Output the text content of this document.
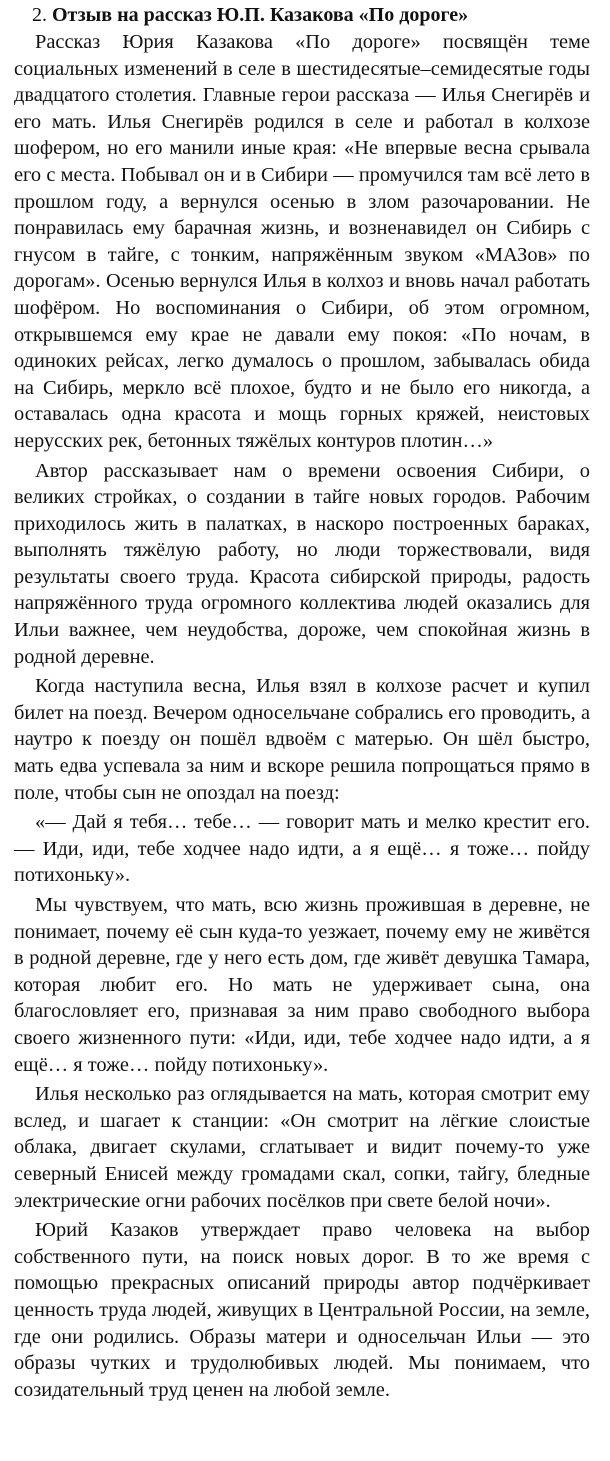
2. Отзыв на рассказ Ю.П. Казакова «По дороге»

Рассказ Юрия Казакова «По дороге» посвящён теме социальных изменений в селе в шестидесятые–семидесятые годы двадцатого столетия. Главные герои рассказа — Илья Снегирёв и его мать. Илья Снегирёв родился в селе и работал в колхозе шофером, но его манили иные края: «Не впервые весна срывала его с места. Побывал он и в Сибири — промучился там всё лето в прошлом году, а вернулся осенью в злом разочаровании. Не понравилась ему барачная жизнь, и возненавидел он Сибирь с гнусом в тайге, с тонким, напряжённым звуком «МАЗов» по дорогам». Осенью вернулся Илья в колхоз и вновь начал работать шофёром. Но воспоминания о Сибири, об этом огромном, открывшемся ему крае не давали ему покоя: «По ночам, в одиноких рейсах, легко думалось о прошлом, забывалась обида на Сибирь, меркло всё плохое, будто и не было его никогда, а оставалась одна красота и мощь горных кряжей, неистовых нерусских рек, бетонных тяжёлых контуров плотин…»

Автор рассказывает нам о времени освоения Сибири, о великих стройках, о создании в тайге новых городов. Рабочим приходилось жить в палатках, в наскоро построенных бараках, выполнять тяжёлую работу, но люди торжествовали, видя результаты своего труда. Красота сибирской природы, радость напряжённого труда огромного коллектива людей оказались для Ильи важнее, чем неудобства, дороже, чем спокойная жизнь в родной деревне.

Когда наступила весна, Илья взял в колхозе расчет и купил билет на поезд. Вечером односельчане собрались его проводить, а наутро к поезду он пошёл вдвоём с матерью. Он шёл быстро, мать едва успевала за ним и вскоре решила попрощаться прямо в поле, чтобы сын не опоздал на поезд:

«— Дай я тебя… тебе… — говорит мать и мелко крестит его. — Иди, иди, тебе ходчее надо идти, а я ещё… я тоже… пойду потихоньку».

Мы чувствуем, что мать, всю жизнь прожившая в деревне, не понимает, почему её сын куда-то уезжает, почему ему не живётся в родной деревне, где у него есть дом, где живёт девушка Тамара, которая любит его. Но мать не удерживает сына, она благословляет его, признавая за ним право свободного выбора своего жизненного пути: «Иди, иди, тебе ходчее надо идти, а я ещё… я тоже… пойду потихоньку».

Илья несколько раз оглядывается на мать, которая смотрит ему вслед, и шагает к станции: «Он смотрит на лёгкие слоистые облака, двигает скулами, сглатывает и видит почему-то уже северный Енисей между громадами скал, сопки, тайгу, бледные электрические огни рабочих посёлков при свете белой ночи».

Юрий Казаков утверждает право человека на выбор собственного пути, на поиск новых дорог. В то же время с помощью прекрасных описаний природы автор подчёркивает ценность труда людей, живущих в Центральной России, на земле, где они родились. Образы матери и односельчан Ильи — это образы чутких и трудолюбивых людей. Мы понимаем, что созидательный труд ценен на любой земле.
